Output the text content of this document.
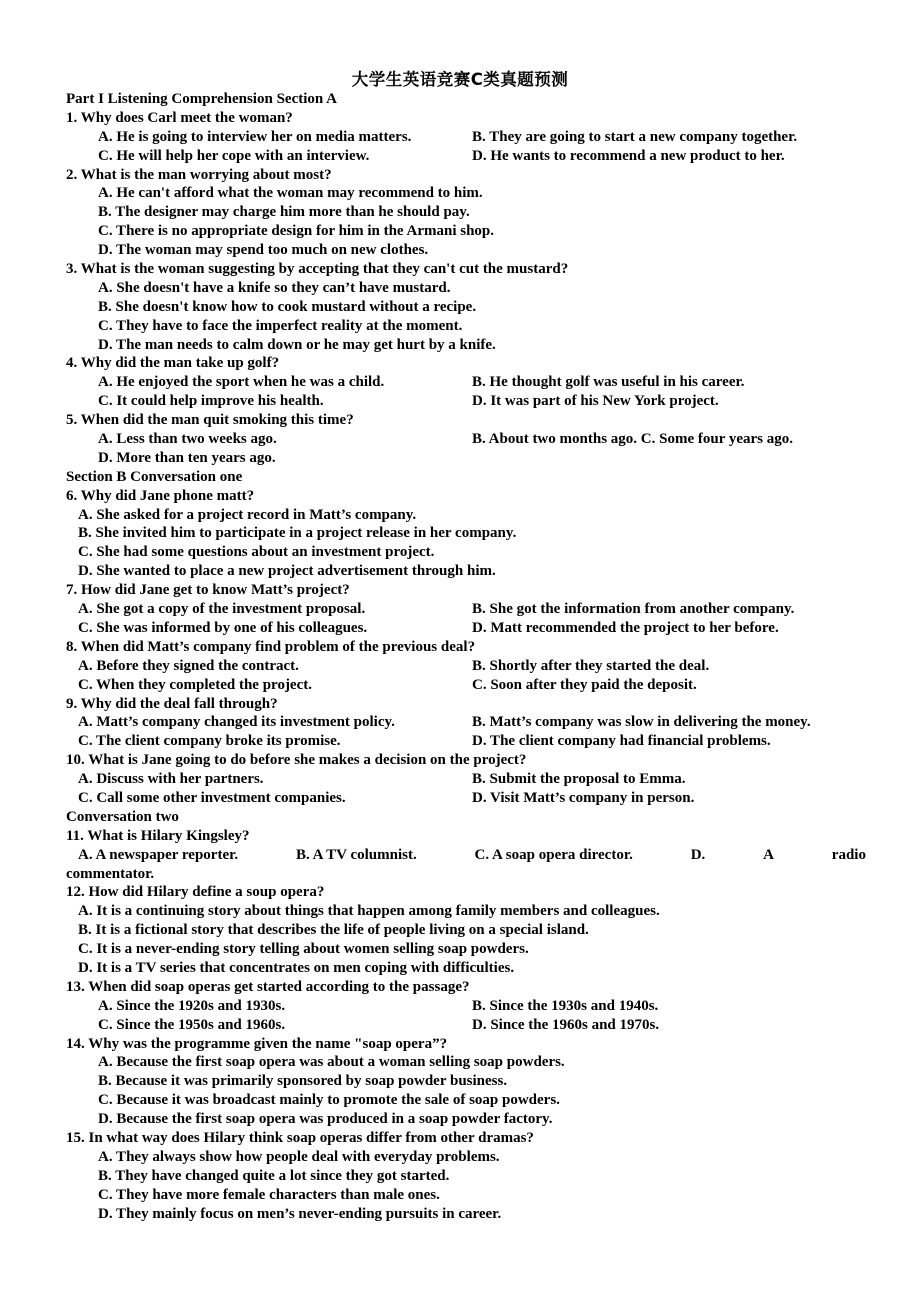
大学生英语竞赛C类真题预测
Part I Listening Comprehension Section A
1. Why does Carl meet the woman?
A. He is going to interview her on media matters.	B. They are going to start a new company together.
C. He will help her cope with an interview.	D. He wants to recommend a new product to her.
2. What is the man worrying about most?
A. He can't afford what the woman may recommend to him.
B. The designer may charge him more than he should pay.
C. There is no appropriate design for him in the Armani shop.
D. The woman may spend too much on new clothes.
3. What is the woman suggesting by accepting that they can't cut the mustard?
A. She doesn't have a knife so they can’t have mustard.
B. She doesn't know how to cook mustard without a recipe.
C. They have to face the imperfect reality at the moment.
D. The man needs to calm down or he may get hurt by a knife.
4. Why did the man take up golf?
A. He enjoyed the sport when he was a child.	B. He thought golf was useful in his career.
C. It could help improve his health.	D. It was part of his New York project.
5. When did the man quit smoking this time?
A. Less than two weeks ago.	B. About two months ago. C. Some four years ago.
D. More than ten years ago.
Section B Conversation one
6. Why did Jane phone matt?
A. She asked for a project record in Matt’s company.
B. She invited him to participate in a project release in her company.
C. She had some questions about an investment project.
D. She wanted to place a new project advertisement through him.
7. How did Jane get to know Matt’s project?
A. She got a copy of the investment proposal.	B. She got the information from another company.
C. She was informed by one of his colleagues.	D. Matt recommended the project to her before.
8. When did Matt’s company find problem of the previous deal?
A. Before they signed the contract.	B. Shortly after they started the deal.
C. When they completed the project.	C. Soon after they paid the deposit.
9. Why did the deal fall through?
A. Matt’s company changed its investment policy.	B. Matt’s company was slow in delivering the money.
C. The client company broke its promise.	D. The client company had financial problems.
10. What is Jane going to do before she makes a decision on the project?
A. Discuss with her partners.	B. Submit the proposal to Emma.
C. Call some other investment companies.	D. Visit Matt’s company in person.
Conversation two
11. What is Hilary Kingsley?
A. A newspaper reporter.	B. A TV columnist.	C. A soap opera director.	D.	A	radio
commentator.
12. How did Hilary define a soup opera?
A. It is a continuing story about things that happen among family members and colleagues.
B. It is a fictional story that describes the life of people living on a special island.
C. It is a never-ending story telling about women selling soap powders.
D. It is a TV series that concentrates on men coping with difficulties.
13. When did soap operas get started according to the passage?
A. Since the 1920s and 1930s.	B. Since the 1930s and 1940s.
C. Since the 1950s and 1960s.	D. Since the 1960s and 1970s.
14. Why was the programme given the name "soap opera”?
A. Because the first soap opera was about a woman selling soap powders.
B. Because it was primarily sponsored by soap powder business.
C. Because it was broadcast mainly to promote the sale of soap powders.
D. Because the first soap opera was produced in a soap powder factory.
15. In what way does Hilary think soap operas differ from other dramas?
A. They always show how people deal with everyday problems.
B. They have changed quite a lot since they got started.
C. They have more female characters than male ones.
D. They mainly focus on men’s never-ending pursuits in career.
